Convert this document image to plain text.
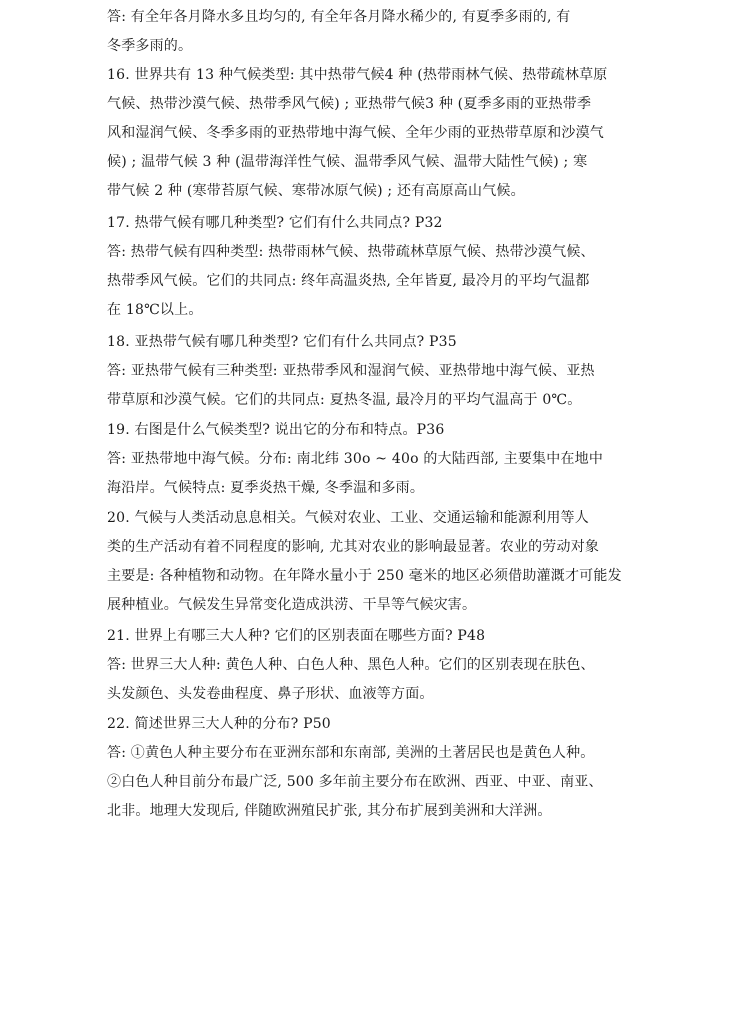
答: 有全年各月降水多且均匀的, 有全年各月降水稀少的, 有夏季多雨的, 有
冬季多雨的。
16. 世界共有 13 种气候类型: 其中热带气候4 种 (热带雨林气候、热带疏林草原
气候、热带沙漠气候、热带季风气候) ; 亚热带气候3 种 (夏季多雨的亚热带季
风和湿润气候、冬季多雨的亚热带地中海气候、全年少雨的亚热带草原和沙漠气
候) ; 温带气候 3 种 (温带海洋性气候、温带季风气候、温带大陆性气候) ; 寒
带气候 2 种 (寒带苔原气候、寒带冰原气候) ; 还有高原高山气候。
17. 热带气候有哪几种类型? 它们有什么共同点? P32
答: 热带气候有四种类型: 热带雨林气候、热带疏林草原气候、热带沙漠气候、
热带季风气候。它们的共同点: 终年高温炎热, 全年皆夏, 最冷月的平均气温都
在 18℃以上。
18. 亚热带气候有哪几种类型? 它们有什么共同点? P35
答: 亚热带气候有三种类型: 亚热带季风和湿润气候、亚热带地中海气候、亚热
带草原和沙漠气候。它们的共同点: 夏热冬温, 最冷月的平均气温高于 0℃。
19. 右图是什么气候类型? 说出它的分布和特点。P36
答: 亚热带地中海气候。分布: 南北纬 30o ~ 40o 的大陆西部, 主要集中在地中
海沿岸。气候特点: 夏季炎热干燥, 冬季温和多雨。
20. 气候与人类活动息息相关。气候对农业、工业、交通运输和能源利用等人
类的生产活动有着不同程度的影响, 尤其对农业的影响最显著。农业的劳动对象
主要是: 各种植物和动物。在年降水量小于 250 毫米的地区必须借助灌溉才可能发
展种植业。气候发生异常变化造成洪涝、干旱等气候灾害。
21. 世界上有哪三大人种? 它们的区别表面在哪些方面? P48
答: 世界三大人种: 黄色人种、白色人种、黑色人种。它们的区别表现在肤色、
头发颜色、头发卷曲程度、鼻子形状、血液等方面。
22. 简述世界三大人种的分布? P50
答: ①黄色人种主要分布在亚洲东部和东南部, 美洲的土著居民也是黄色人种。
②白色人种目前分布最广泛, 500 多年前主要分布在欧洲、西亚、中亚、南亚、
北非。地理大发现后, 伴随欧洲殖民扩张, 其分布扩展到美洲和大洋洲。
